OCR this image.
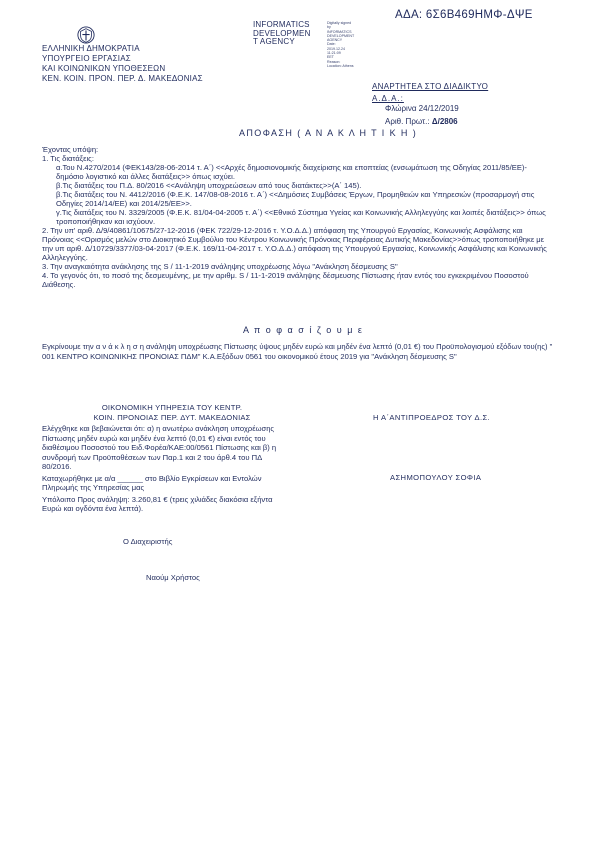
ΑΔΑ: 6Σ6Β469ΗΜΦ-ΔΨΕ
ΕΛΛΗΝΙΚΗ ΔΗΜΟΚΡΑΤΙΑ
ΥΠΟΥΡΓΕΙΟ ΕΡΓΑΣΙΑΣ
ΚΑΙ ΚΟΙΝΩΝΙΚΩΝ ΥΠΟΘΕΣΕΩΝ
ΚΕΝ. ΚΟΙΝ. ΠΡΟΝ. ΠΕΡ. Δ. ΜΑΚΕΔΟΝΙΑΣ
INFORMATICS
DEVELOPMEN
T AGENCY
Digitally signed by
INFORMATICS
DEVELOPMENT AGENCY
Date: 2019.12.24 11:21:09
EET
Reason:
Location: Athens
ΑΝΑΡΤΗΤΕΑ ΣΤΟ ΔΙΑΔΙΚΤΥΟ
Α.Δ.Α.:
Φλώρινα 24/12/2019
Αριθ. Πρωτ.: Δ/2806
ΑΠΟΦΑΣΗ ( Α Ν Α Κ Λ Η Τ Ι Κ Η )

Έχοντας υπόψη:

1. Τις διατάξεις:

α.Του Ν.4270/2014 (ΦΕΚ143/28-06-2014 τ. Α΄) <<Αρχές δημοσιονομικής διαχείρισης και εποπτείας (ενσωμάτωση της Οδηγίας 2011/85/ΕΕ)- δημόσιο λογιστικό και άλλες διατάξεις>> όπως ισχύει.

β.Τις διατάξεις του Π.Δ. 80/2016 <<Ανάληψη υποχρεώσεων από τους διατάκτες>>(Α΄ 145).

β.Τις διατάξεις του Ν. 4412/2016 (Φ.Ε.Κ. 147/08-08-2016 τ. Α΄) <<Δημόσιες Συμβάσεις Έργων, Προμηθειών και Υπηρεσιών (προσαρμογή στις Οδηγίες 2014/14/ΕΕ) και 2014/25/ΕΕ>>.

γ.Τις διατάξεις του Ν. 3329/2005 (Φ.Ε.Κ. 81/04-04-2005 τ. Α΄) <<Εθνικό Σύστημα Υγείας και Κοινωνικής Αλληλεγγύης και λοιπές διατάξεις>> όπως τροποποιήθηκαν και ισχύουν.

2. Την υπ' αριθ. Δ/9/40861/10675/27-12-2016 (ΦΕΚ 722/29-12-2016 τ. Υ.Ο.Δ.Δ.) απόφαση της Υπουργού Εργασίας, Κοινωνικής Ασφάλισης και Πρόνοιας <<Ορισμός μελών στο Διοικητικό Συμβούλιο του Κέντρου Κοινωνικής Πρόνοιας Περιφέρειας Δυτικής Μακεδονίας>>όπως τροποποιήθηκε με την υπ αριθ. Δ/10729/3377/03-04-2017 (Φ.Ε.Κ. 169/11-04-2017 τ. Υ.Ο.Δ.Δ.) απόφαση της Υπουργού Εργασίας, Κοινωνικής Ασφάλισης και Κοινωνικής Αλληλεγγύης.

3. Την αναγκαιότητα ανάκλησης της S / 11-1-2019 ανάληψης υποχρέωσης λόγω "Ανάκληση δέσμευσης S"

4. Το γεγονός ότι, το ποσό της δεσμευμένης, με την αριθμ. S / 11-1-2019 ανάληψης δέσμευσης Πίστωσης ήταν εντός του εγκεκριμένου Ποσοστού Διάθεσης.

Α π ο φ α σ ί ζ ο υ μ ε
Εγκρίνουμε την α ν ά κ λ η σ η ανάληψη υποχρέωσης Πίστωσης ύψους μηδέν ευρώ και μηδέν ένα λεπτό (0,01 €) του Προϋπολογισμού εξόδων του(ης) " 001 ΚΕΝΤΡΟ ΚΟΙΝΩΝΙΚΗΣ ΠΡΟΝΟΙΑΣ ΠΔΜ" Κ.Α.Εξόδων 0561 του οικονομικού έτους 2019 για "Ανάκληση δέσμευσης S"
ΟΙΚΟΝΟΜΙΚΗ ΥΠΗΡΕΣΙΑ ΤΟΥ ΚΕΝΤΡ.
ΚΟΙΝ. ΠΡΟΝΟΙΑΣ ΠΕΡ. ΔΥΤ. ΜΑΚΕΔΟΝΙΑΣ
Ελέγχθηκε και βεβαιώνεται ότι: α) η ανωτέρω ανάκληση υποχρέωσης Πίστωσης μηδέν ευρώ και μηδέν ένα λεπτό (0,01 €) είναι εντός του διαθέσιμου Ποσοστού του Ειδ.Φορέα/ΚΑΕ:00/0561 Πίστωσης και β) η συνδρομή των Προϋποθέσεων των Παρ.1 και 2 του άρθ.4 του ΠΔ 80/2016.
Καταχωρήθηκε με α/α ______ στο Βιβλίο Εγκρίσεων και Εντολών Πληρωμής της Υπηρεσίας μας
Υπόλοιπο Προς ανάληψη: 3.260,81 € (τρεις χιλιάδες διακόσια εξήντα Ευρώ και ογδόντα ένα λεπτά).
Ο Διαχειριστής
Ναούμ Χρήστος
Η Α΄ΑΝΤΙΠΡΟΕΔΡΟΣ ΤΟΥ Δ.Σ.
ΑΣΗΜΟΠΟΥΛΟΥ ΣΟΦΙΑ
